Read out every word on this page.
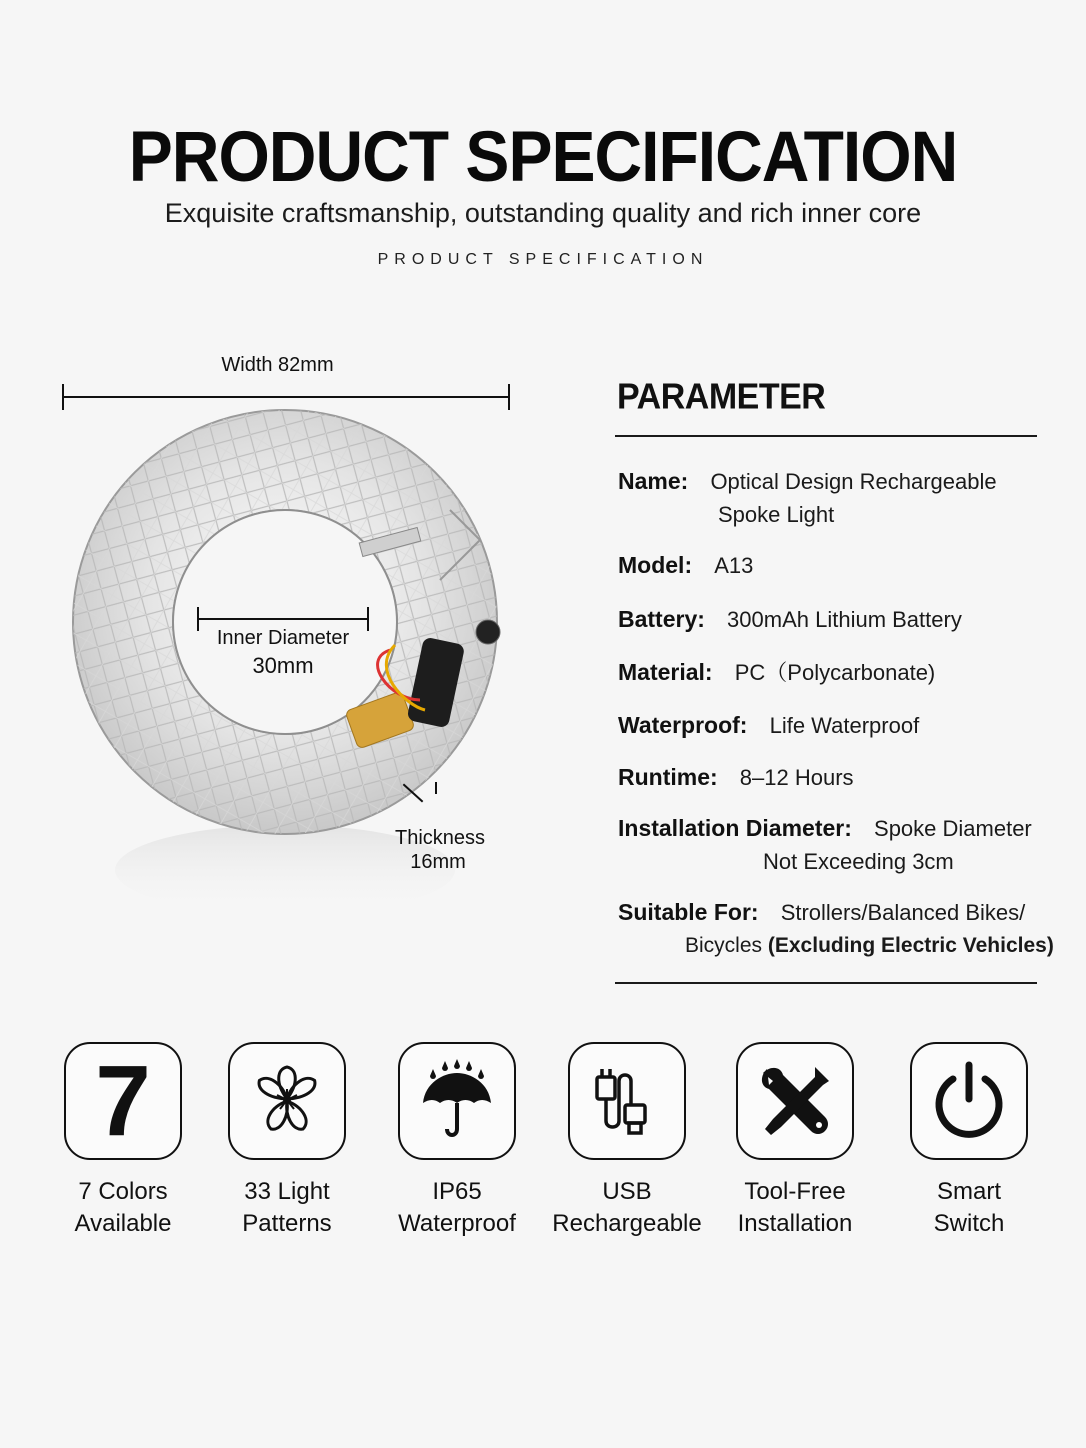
PRODUCT SPECIFICATION
Exquisite craftsmanship, outstanding quality and rich inner core
PRODUCT SPECIFICATION
Width 82mm
Inner Diameter
30mm
Thickness
16mm
PARAMETER
Name: Optical Design Rechargeable
Spoke Light
Model: A13
Battery: 300mAh Lithium Battery
Material: PC（Polycarbonate)
Waterproof: Life Waterproof
Runtime: 8–12 Hours
Installation Diameter: Spoke Diameter
Not Exceeding 3cm
Suitable For: Strollers/Balanced Bikes/
Bicycles (Excluding Electric Vehicles)
7
7 Colors
Available
33 Light
Patterns
IP65
Waterproof
USB
Rechargeable
Tool-Free
Installation
Smart
Switch
